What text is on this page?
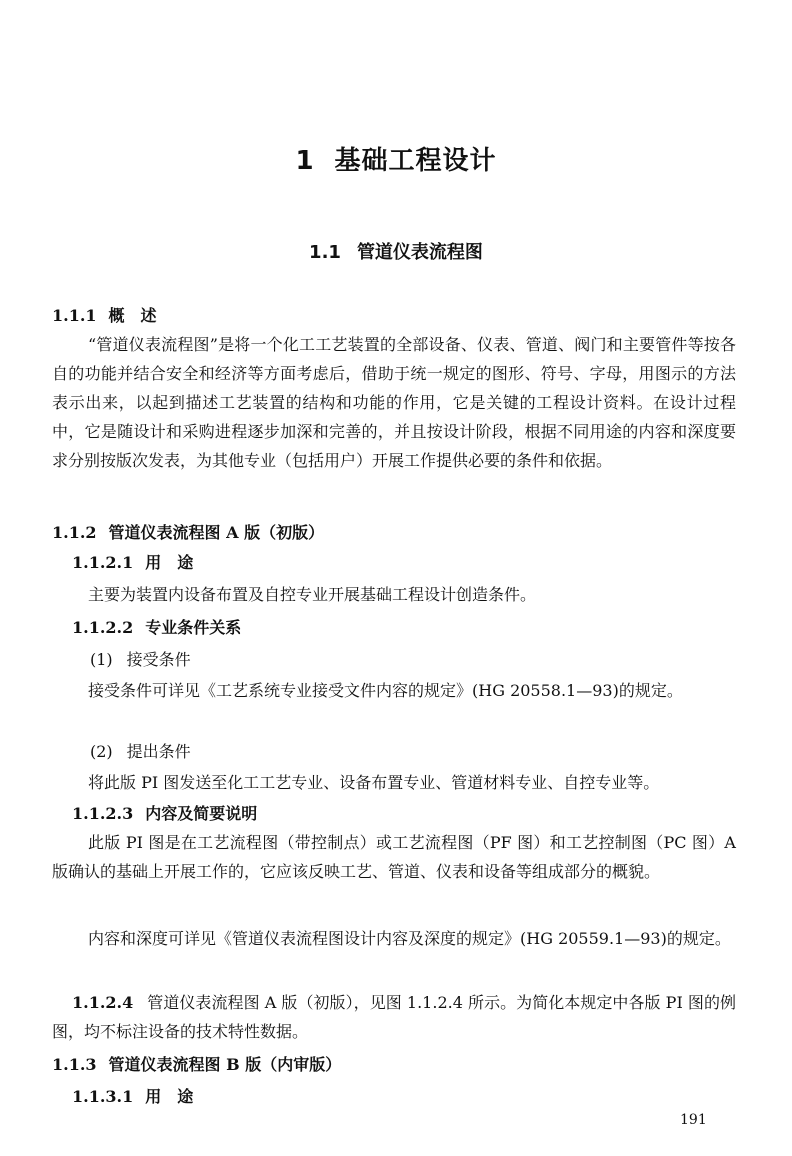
1 基础工程设计
1.1 管道仪表流程图
1.1.1 概述
“管道仪表流程图”是将一个化工工艺装置的全部设备、仪表、管道、阀门和主要管件等按各自的功能并结合安全和经济等方面考虑后，借助于统一规定的图形、符号、字母，用图示的方法表示出来，以起到描述工艺装置的结构和功能的作用，它是关键的工程设计资料。在设计过程中，它是随设计和采购进程逐步加深和完善的，并且按设计阶段，根据不同用途的内容和深度要求分别按版次发表，为其他专业（包括用户）开展工作提供必要的条件和依据。
1.1.2 管道仪表流程图 A 版（初版）
1.1.2.1 用途
主要为装置内设备布置及自控专业开展基础工程设计创造条件。
1.1.2.2 专业条件关系
(1) 接受条件
接受条件可详见《工艺系统专业接受文件内容的规定》(HG 20558.1—93)的规定。
(2) 提出条件
将此版 PI 图发送至化工工艺专业、设备布置专业、管道材料专业、自控专业等。
1.1.2.3 内容及简要说明
此版 PI 图是在工艺流程图（带控制点）或工艺流程图（PF 图）和工艺控制图（PC 图）A 版确认的基础上开展工作的，它应该反映工艺、管道、仪表和设备等组成部分的概貌。
内容和深度可详见《管道仪表流程图设计内容及深度的规定》(HG 20559.1—93)的规定。
1.1.2.4 管道仪表流程图 A 版（初版），见图 1.1.2.4 所示。为简化本规定中各版 PI 图的例图，均不标注设备的技术特性数据。
1.1.3 管道仪表流程图 B 版（内审版）
1.1.3.1 用途
191
